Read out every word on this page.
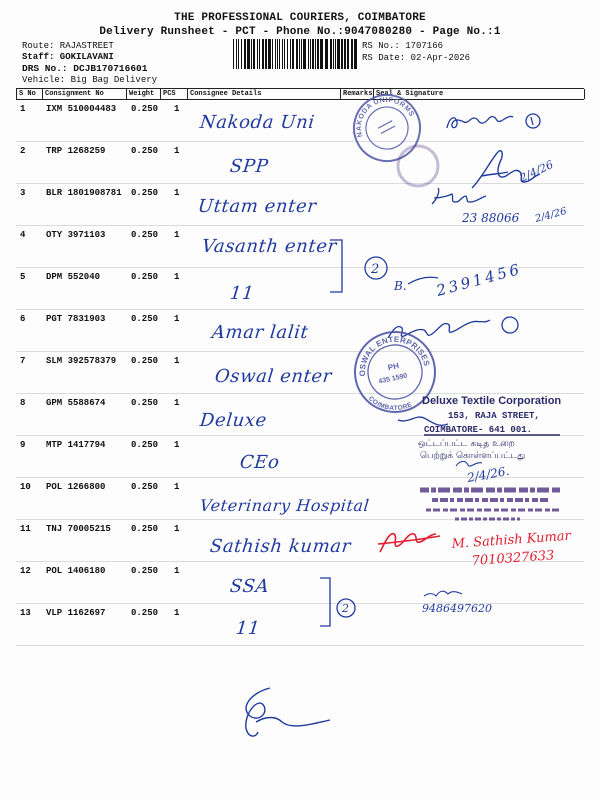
THE PROFESSIONAL COURIERS, COIMBATORE
Delivery Runsheet - PCT - Phone No.:9047080280 - Page No.:1
Route: RAJASTREET
Staff: GOKILAVANI
DRS No.: DCJB170716601
Vehicle: Big Bag Delivery
RS No.: 1707166
RS Date: 02-Apr-2026
S No	Consignment No	Weight	PCS	Consignee Details	Remarks Seal & Signature
1 IXM 510004483 0.250 1
Nakoda Uni
2 TRP 1268259	0.250 1
SPP
3 BLR 1801908781 0.250 1
Uttam enter
4 OTY 3971103	0.250 1
Vasanth enter
5 DPM 552040	0.250 1
11
6 PGT 7831903	0.250 1
Amar lalit
7 SLM 392578379 0.250 1
Oswal enter
8 GPM 5588674	0.250 1
Deluxe
9 MTP 1417794	0.250 1
CEo
10 POL 1266800	0.250 1
Veterinary Hospital
11 TNJ 70005215 0.250 1
Sathish kumar
12 POL 1406180	0.250 1
SSA
13 VLP 1162697	0.250 1
11
NAKODA UNIFORMS
2/4/26
23 88066 2/4/26
2
B. 2391456
OSWAL ENTERPRISES
COIMBATORE
PH
435 1590
Deluxe Textile Corporation
153, RAJA STREET,
COIMBATORE- 641 001.
ஒட்டப்பட்ட கடித உறை
பெற்றுக் கொள்ளப்பட்டது
2/4/26.
M. Sathish Kumar
7010327633
9486497620
2
